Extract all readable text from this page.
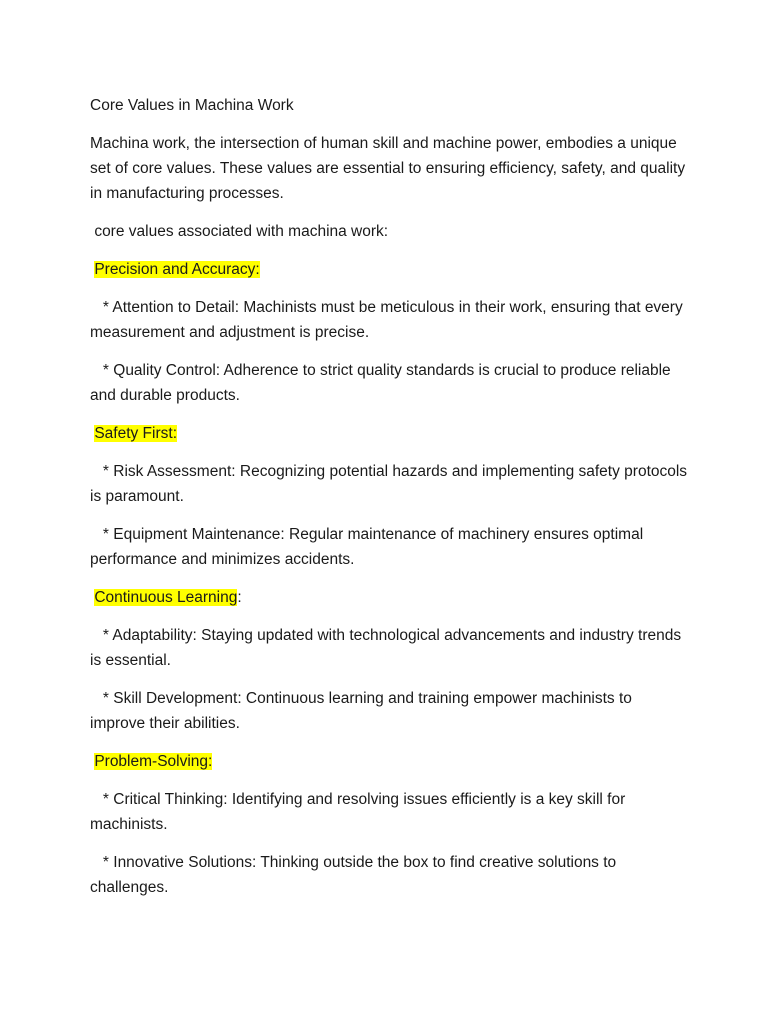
Core Values in Machina Work

Machina work, the intersection of human skill and machine power, embodies a unique set of core values. These values are essential to ensuring efficiency, safety, and quality in manufacturing processes.

core values associated with machina work:

Precision and Accuracy:

* Attention to Detail: Machinists must be meticulous in their work, ensuring that every measurement and adjustment is precise.

* Quality Control: Adherence to strict quality standards is crucial to produce reliable and durable products.

Safety First:

* Risk Assessment: Recognizing potential hazards and implementing safety protocols is paramount.

* Equipment Maintenance: Regular maintenance of machinery ensures optimal performance and minimizes accidents.

Continuous Learning:

* Adaptability: Staying updated with technological advancements and industry trends is essential.

* Skill Development: Continuous learning and training empower machinists to improve their abilities.

Problem-Solving:

* Critical Thinking: Identifying and resolving issues efficiently is a key skill for machinists.

* Innovative Solutions: Thinking outside the box to find creative solutions to challenges.
